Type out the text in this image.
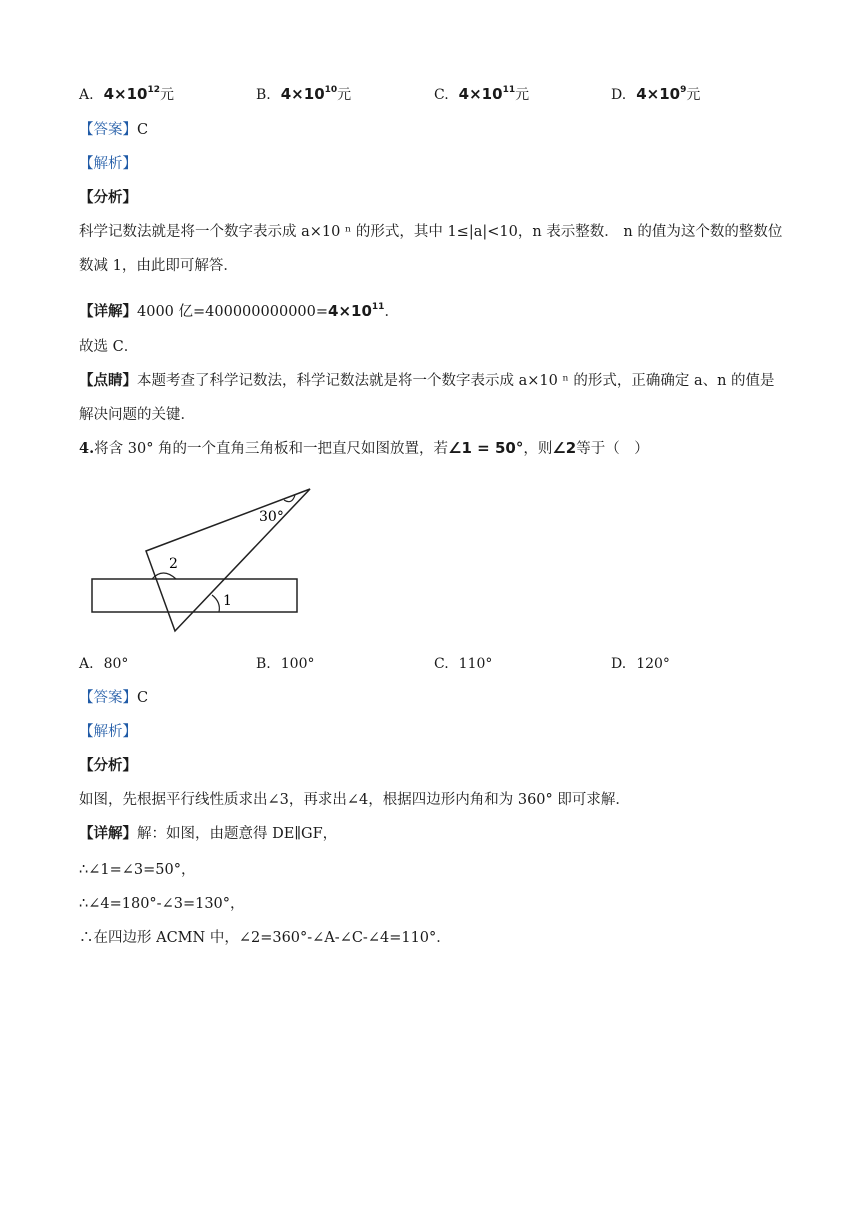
A. $4\times 10^{12}$元	B. $4\times 10^{10}$元	C. $4\times 10^{11}$元	D. $4\times 10^9$元
【答案】C
【解析】
【分析】
科学记数法就是将一个数字表示成 a×10 ⁿ 的形式，其中 1≤|a|<10，n 表示整数． n 的值为这个数的整数位
数减 1，由此即可解答．
【详解】4000 亿$=400000000000=4\times 10^{11}$．
故选 C．
【点睛】本题考查了科学记数法，科学记数法就是将一个数字表示成 a×10 ⁿ 的形式，正确确定 a、n 的值是
解决问题的关键．
4.将含 30° 角的一个直角三角板和一把直尺如图放置，若∠1 = 50°，则∠2等于（　）
30°
2
1
A. 80°	B. 100°	C. 110°	D. 120°
【答案】C
【解析】
【分析】
如图，先根据平行线性质求出∠3，再求出∠4，根据四边形内角和为 360° 即可求解．
【详解】解：如图，由题意得 DE∥GF，
∴∠1=∠3=50°，
∴∠4=180°-∠3=130°，
∴在四边形 ACMN 中，∠2=360°-∠A-∠C-∠4=110°．
